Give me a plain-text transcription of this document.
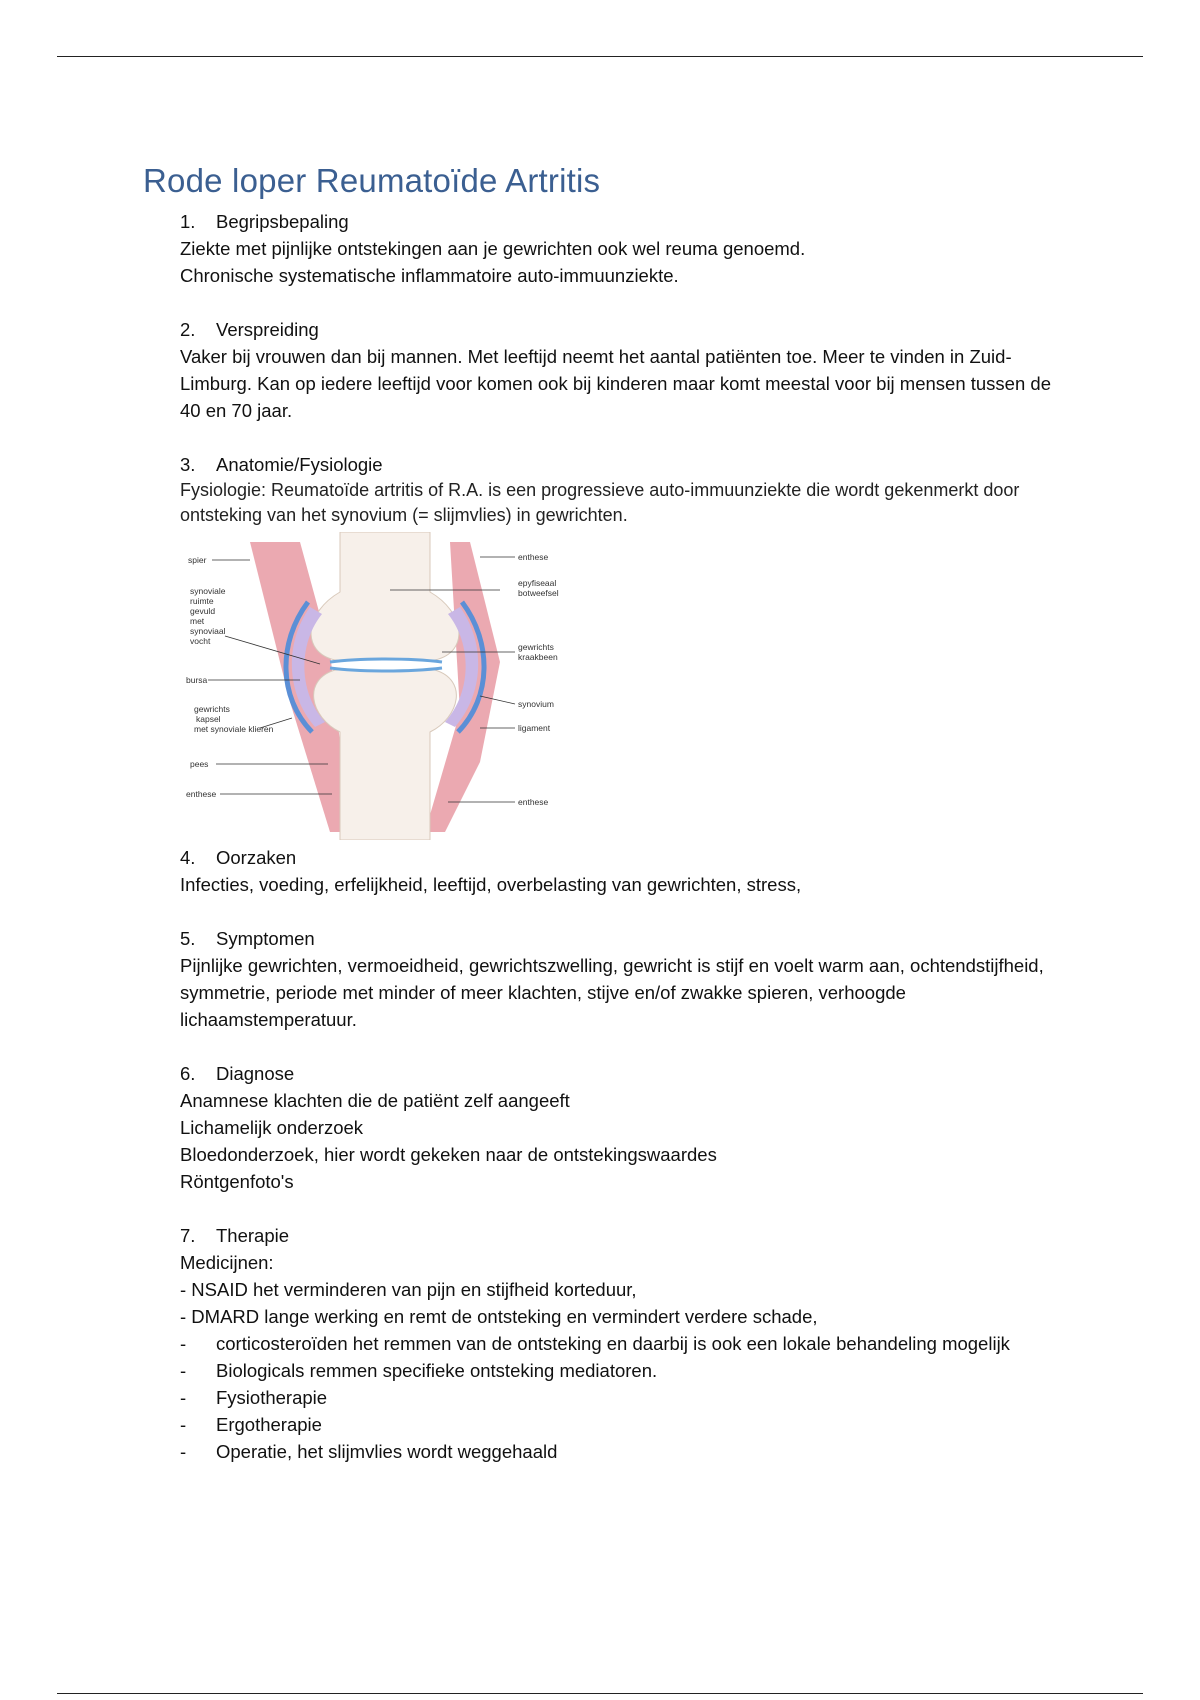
Rode loper Reumatoïde Artritis
1. Begripsbepaling

Ziekte met pijnlijke ontstekingen aan je gewrichten ook wel reuma genoemd.

Chronische systematische inflammatoire auto-immuunziekte.

2. Verspreiding

Vaker bij vrouwen dan bij mannen. Met leeftijd neemt het aantal patiënten toe. Meer te vinden in Zuid-Limburg. Kan op iedere leeftijd voor komen ook bij kinderen maar komt meestal voor bij mensen tussen de 40 en 70 jaar.

3. Anatomie/Fysiologie

Fysiologie: Reumatoïde artritis of R.A. is een progressieve auto-immuunziekte die wordt gekenmerkt door ontsteking van het synovium (= slijmvlies) in gewrichten.

spier
synoviale
ruimte
gevuld
met
synoviaal
vocht
bursa
gewrichts
kapsel
met synoviale klieren
pees
enthese
enthese
epyfiseaal
botweefsel
gewrichts
kraakbeen
synovium
ligament
enthese
4. Oorzaken

Infecties, voeding, erfelijkheid, leeftijd, overbelasting van gewrichten, stress,

5. Symptomen

Pijnlijke gewrichten, vermoeidheid, gewrichtszwelling, gewricht is stijf en voelt warm aan, ochtendstijfheid, symmetrie, periode met minder of meer klachten, stijve en/of zwakke spieren, verhoogde lichaamstemperatuur.

6. Diagnose

Anamnese klachten die de patiënt zelf aangeeft

Lichamelijk onderzoek

Bloedonderzoek, hier wordt gekeken naar de ontstekingswaardes

Röntgenfoto's

7. Therapie

Medicijnen:

- NSAID het verminderen van pijn en stijfheid korteduur,

- DMARD lange werking en remt de ontsteking en vermindert verdere schade,

- corticosteroïden het remmen van de ontsteking en daarbij is ook een lokale behandeling mogelijk
- Biologicals remmen specifieke ontsteking mediatoren.
- Fysiotherapie
- Ergotherapie
- Operatie, het slijmvlies wordt weggehaald
